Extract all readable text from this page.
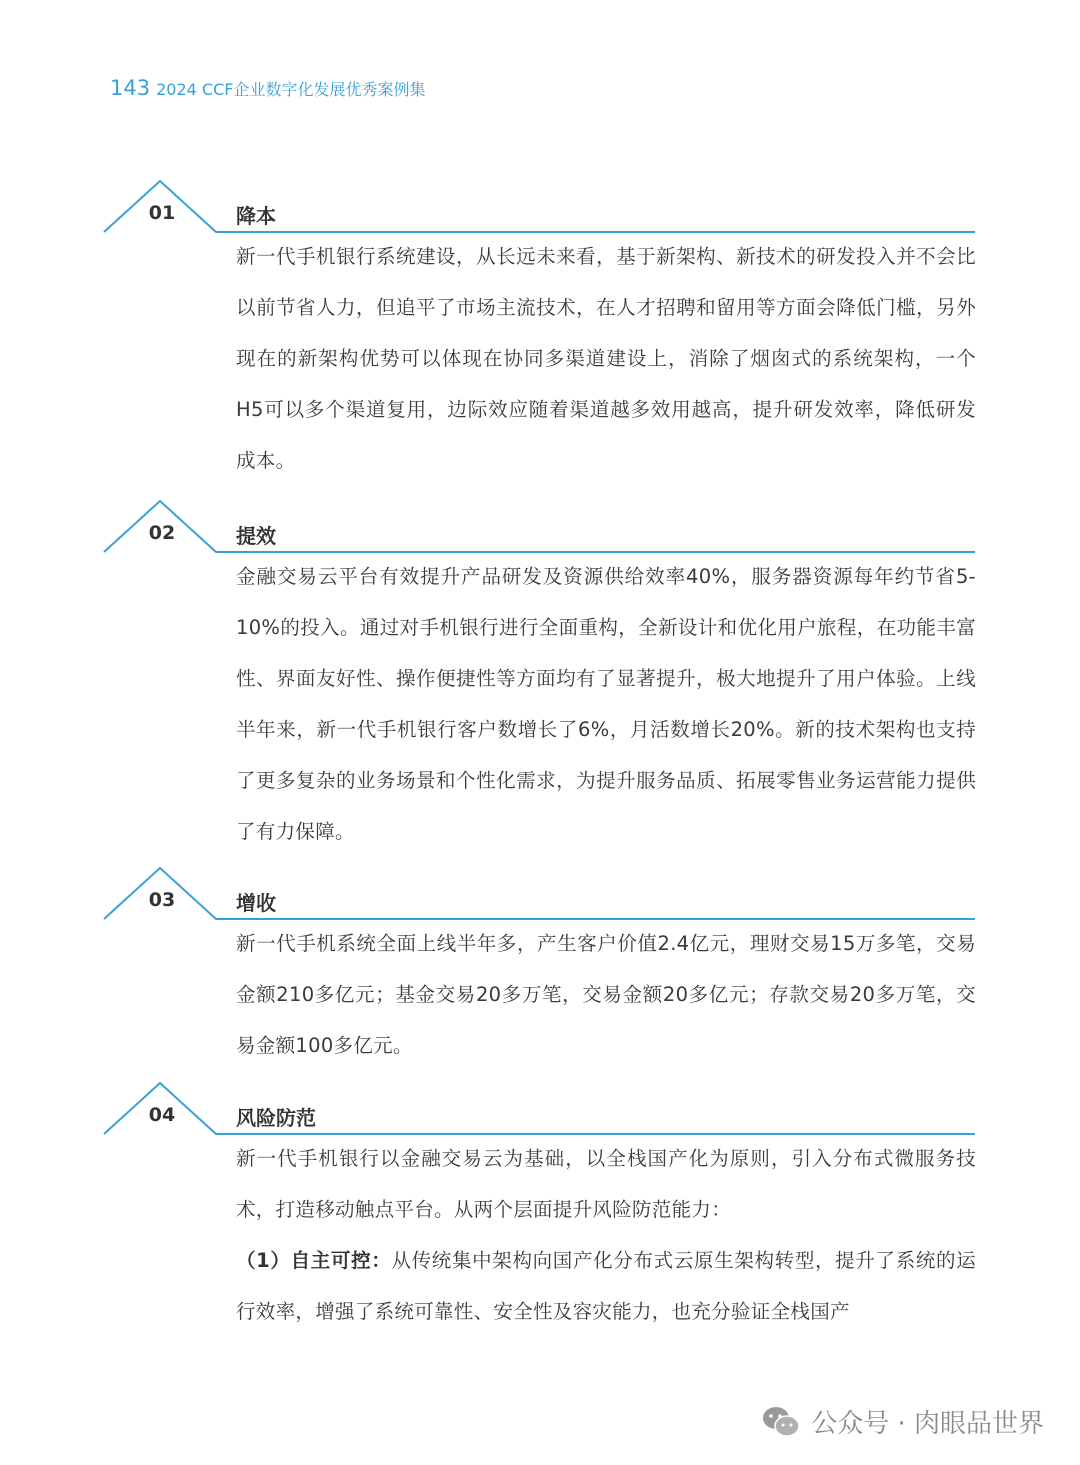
143 2024 CCF企业数字化发展优秀案例集
01	降本

新一代手机银行系统建设，从长远未来看，基于新架构、新技术的研发投入并不会比以前节省人力，但追平了市场主流技术，在人才招聘和留用等方面会降低门槛，另外现在的新架构优势可以体现在协同多渠道建设上，消除了烟囱式的系统架构，一个H5可以多个渠道复用，边际效应随着渠道越多效用越高，提升研发效率，降低研发成本。

02	提效

金融交易云平台有效提升产品研发及资源供给效率40%，服务器资源每年约节省5-10%的投入。通过对手机银行进行全面重构，全新设计和优化用户旅程，在功能丰富性、界面友好性、操作便捷性等方面均有了显著提升，极大地提升了用户体验。上线半年来，新一代手机银行客户数增长了6%，月活数增长20%。新的技术架构也支持了更多复杂的业务场景和个性化需求，为提升服务品质、拓展零售业务运营能力提供了有力保障。

03	增收

新一代手机系统全面上线半年多，产生客户价值2.4亿元，理财交易15万多笔，交易金额210多亿元；基金交易20多万笔，交易金额20多亿元；存款交易20多万笔，交易金额100多亿元。

04	风险防范

新一代手机银行以金融交易云为基础，以全栈国产化为原则，引入分布式微服务技术，打造移动触点平台。从两个层面提升风险防范能力：

（1）自主可控：从传统集中架构向国产化分布式云原生架构转型，提升了系统的运行效率，增强了系统可靠性、安全性及容灾能力，也充分验证全栈国产

公众号 · 肉眼品世界
